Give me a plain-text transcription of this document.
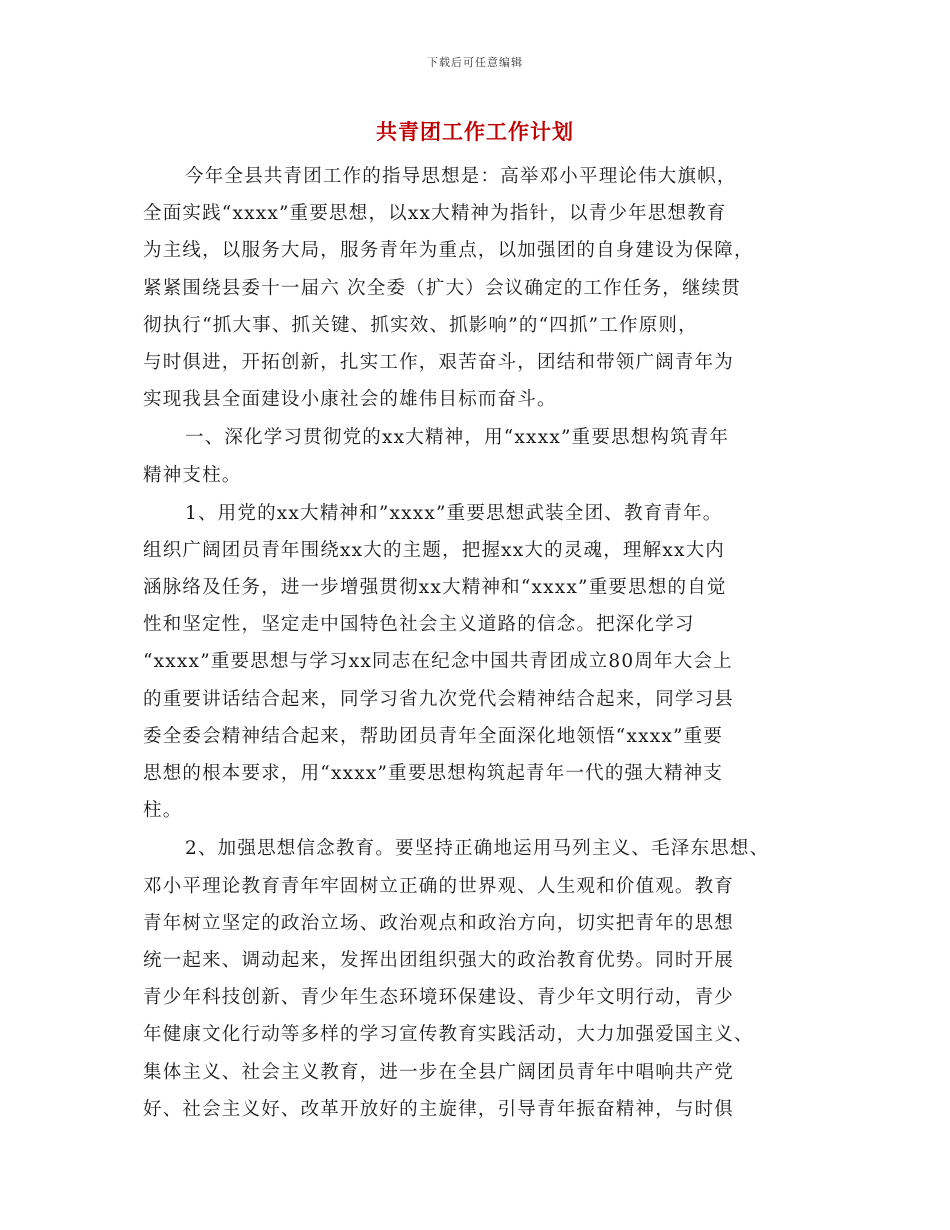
下载后可任意编辑
共青团工作工作计划
今年全县共青团工作的指导思想是：高举邓小平理论伟大旗帜，
全面实践“xxxx”重要思想，以xx大精神为指针，以青少年思想教育
为主线，以服务大局，服务青年为重点，以加强团的自身建设为保障，
紧紧围绕县委十一届六 次全委（扩大）会议确定的工作任务，继续贯
彻执行“抓大事、抓关键、抓实效、抓影响”的“四抓”工作原则，
与时俱进，开拓创新，扎实工作，艰苦奋斗，团结和带领广阔青年为
实现我县全面建设小康社会的雄伟目标而奋斗。
一、深化学习贯彻党的xx大精神，用“xxxx”重要思想构筑青年
精神支柱。
1、用党的xx大精神和”xxxx”重要思想武装全团、教育青年。
组织广阔团员青年围绕xx大的主题，把握xx大的灵魂，理解xx大内
涵脉络及任务，进一步增强贯彻xx大精神和“xxxx”重要思想的自觉
性和坚定性，坚定走中国特色社会主义道路的信念。把深化学习
“xxxx”重要思想与学习xx同志在纪念中国共青团成立80周年大会上
的重要讲话结合起来，同学习省九次党代会精神结合起来，同学习县
委全委会精神结合起来，帮助团员青年全面深化地领悟“xxxx”重要
思想的根本要求，用“xxxx”重要思想构筑起青年一代的强大精神支
柱。
2、加强思想信念教育。要坚持正确地运用马列主义、毛泽东思想、
邓小平理论教育青年牢固树立正确的世界观、人生观和价值观。教育
青年树立坚定的政治立场、政治观点和政治方向，切实把青年的思想
统一起来、调动起来，发挥出团组织强大的政治教育优势。同时开展
青少年科技创新、青少年生态环境环保建设、青少年文明行动，青少
年健康文化行动等多样的学习宣传教育实践活动，大力加强爱国主义、
集体主义、社会主义教育，进一步在全县广阔团员青年中唱响共产党
好、社会主义好、改革开放好的主旋律，引导青年振奋精神，与时俱
